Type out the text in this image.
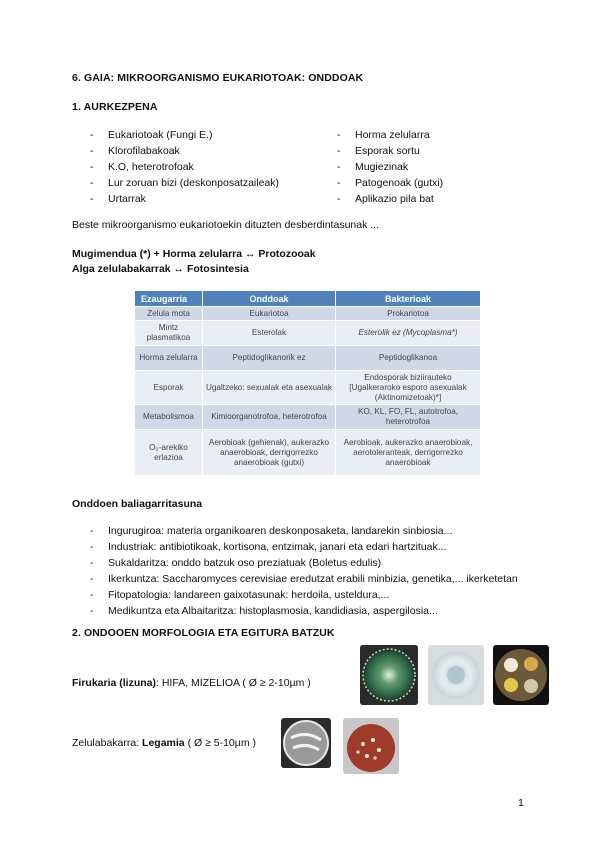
6. GAIA: MIKROORGANISMO EUKARIOTOAK: ONDDOAK
1. AURKEZPENA
- Eukariotoak (Fungi E.)
- Klorofilabakoak
- K.O, heterotrofoak
- Lur zoruan bizi (deskonposatzaileak)
- Urtarrak
- Horma zelularra
- Esporak sortu
- Mugiezinak
- Patogenoak (gutxi)
- Aplikazio pila bat
Beste mikroorganismo eukariotoekin dituzten desberdintasunak ...
Mugimendua (*) + Horma zelularra ↔ Protozooak
Alga zelulabakarrak ↔ Fotosintesia
Ezaugarria	Onddoak	Bakterioak
Zelula mota	Eukariotoa	Prokariotoa
Mintz plasmatikoa	Esterolak	Esterolik ez (Mycoplasma*)
Horma zelularra	Peptidoglikanorik ez	Peptidoglikanoa
Esporak	Ugaltzeko: sexualak eta asexualak	Endosporak biziirauteko [Ugalkeraroko esporo asexualak (Aktinomizetoak)*]
Metabolismoa	Kimioorganotrofoa, heterotrofoa	KO, KL, FO, FL, autotrofoa, heterotrofoa
O₂-arekiko erlazioa	Aerobioak (gehienak), aukerazko anaerobioak, derrigorrezko anaerobioak (gutxi)	Aerobioak, aukerazko anaerobioak, aerotoleranteak, derrigorrezko anaerobioak
Onddoen baliagarritasuna
- Ingurugiroa: materia organikoaren deskonposaketa, landarekin sinbiosia...
- Industriak: antibiotikoak, kortisona, entzimak, janari eta edari hartzituak...
- Sukaldaritza: onddo batzuk oso preziatuak (Boletus edulis)
- Ikerkuntza: Saccharomyces cerevisiae eredutzat erabili minbizia, genetika,... ikerketetan
- Fitopatologia: landareen gaixotasunak: herdoila, usteldura,...
- Medikuntza eta Albaitaritza: histoplasmosia, kandidiasia, aspergilosia...
2. ONDOOEN MORFOLOGIA ETA EGITURA BATZUK
Firukaria (lizuna): HIFA, MIZELIOA ( Ø ≥ 2-10µm )
Zelulabakarra: Legamia ( Ø ≥ 5-10µm )
1
